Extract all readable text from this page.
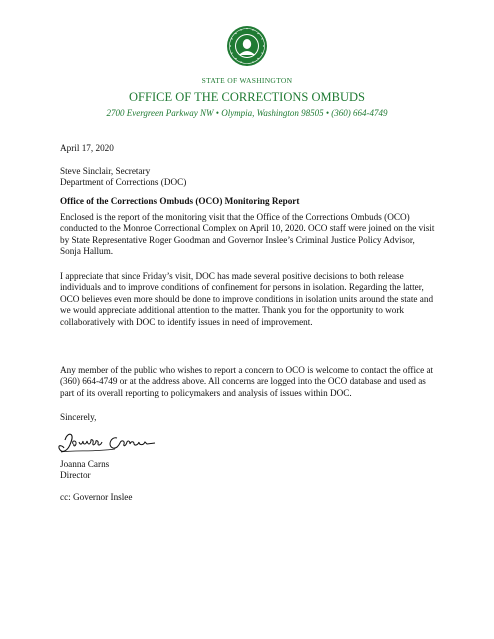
STATE OF WASHINGTON
OFFICE OF THE CORRECTIONS OMBUDS
2700 Evergreen Parkway NW • Olympia, Washington 98505 • (360) 664-4749
April 17, 2020
Steve Sinclair, Secretary
Department of Corrections (DOC)
Office of the Corrections Ombuds (OCO) Monitoring Report

Enclosed is the report of the monitoring visit that the Office of the Corrections Ombuds (OCO) conducted to the Monroe Correctional Complex on April 10, 2020. OCO staff were joined on the visit by State Representative Roger Goodman and Governor Inslee’s Criminal Justice Policy Advisor, Sonja Hallum.

I appreciate that since Friday’s visit, DOC has made several positive decisions to both release individuals and to improve conditions of confinement for persons in isolation. Regarding the latter, OCO believes even more should be done to improve conditions in isolation units around the state and we would appreciate additional attention to the matter. Thank you for the opportunity to work collaboratively with DOC to identify issues in need of improvement.

Any member of the public who wishes to report a concern to OCO is welcome to contact the office at (360) 664-4749 or at the address above. All concerns are logged into the OCO database and used as part of its overall reporting to policymakers and analysis of issues within DOC.

Sincerely,
Joanna Carns
Director
cc: Governor Inslee
